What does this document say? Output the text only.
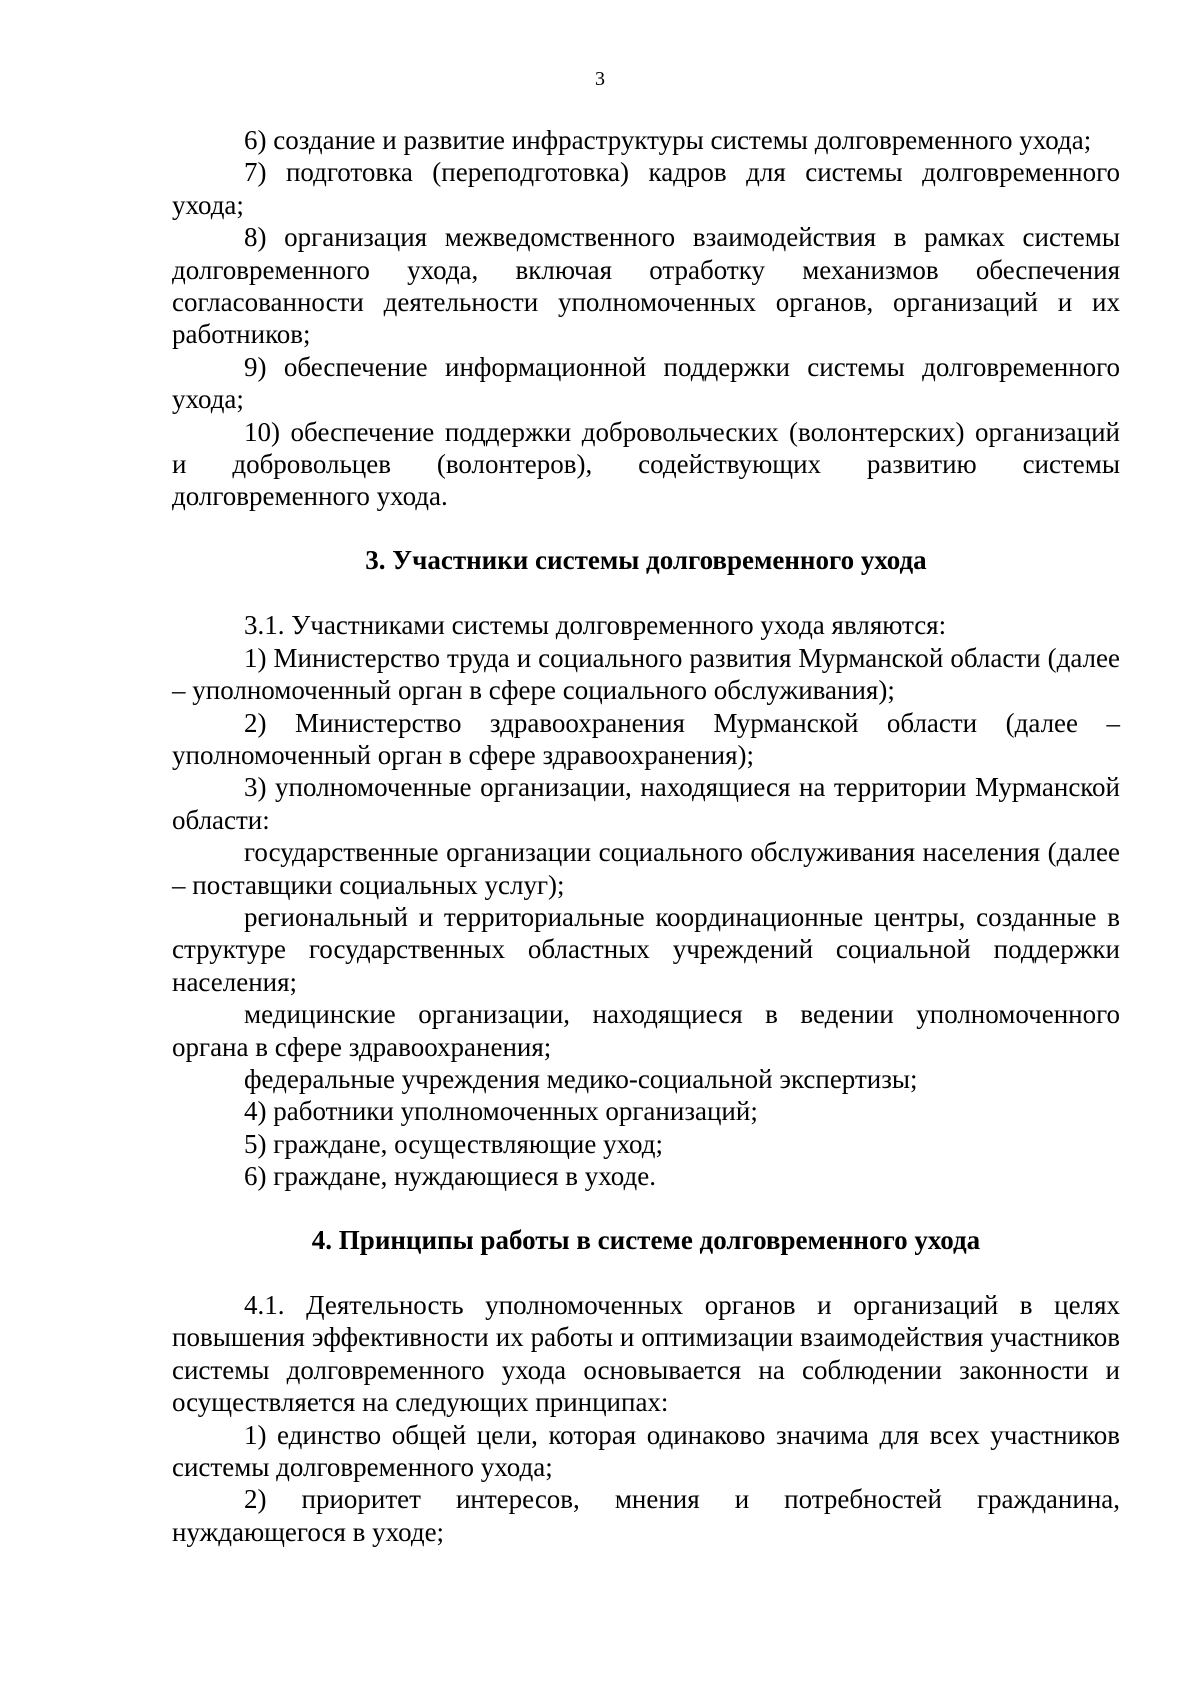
3

6) создание и развитие инфраструктуры системы долговременного ухода;

7) подготовка (переподготовка) кадров для системы долговременного ухода;

8) организация межведомственного взаимодействия в рамках системы долговременного ухода, включая отработку механизмов обеспечения согласованности деятельности уполномоченных органов, организаций и их работников;

9) обеспечение информационной поддержки системы долговременного ухода;

10) обеспечение поддержки добровольческих (волонтерских) организаций и добровольцев (волонтеров), содействующих развитию системы долговременного ухода.

3. Участники системы долговременного ухода

3.1. Участниками системы долговременного ухода являются:

1) Министерство труда и социального развития Мурманской области (далее – уполномоченный орган в сфере социального обслуживания);

2) Министерство здравоохранения Мурманской области (далее – уполномоченный орган в сфере здравоохранения);

3) уполномоченные организации, находящиеся на территории Мурманской области:

государственные организации социального обслуживания населения (далее – поставщики социальных услуг);

региональный и территориальные координационные центры, созданные в структуре государственных областных учреждений социальной поддержки населения;

медицинские организации, находящиеся в ведении уполномоченного органа в сфере здравоохранения;

федеральные учреждения медико-социальной экспертизы;

4) работники уполномоченных организаций;

5) граждане, осуществляющие уход;

6) граждане, нуждающиеся в уходе.

4. Принципы работы в системе долговременного ухода

4.1. Деятельность уполномоченных органов и организаций в целях повышения эффективности их работы и оптимизации взаимодействия участников системы долговременного ухода основывается на соблюдении законности и осуществляется на следующих принципах:

1) единство общей цели, которая одинаково значима для всех участников системы долговременного ухода;

2) приоритет интересов, мнения и потребностей гражданина, нуждающегося в уходе;
